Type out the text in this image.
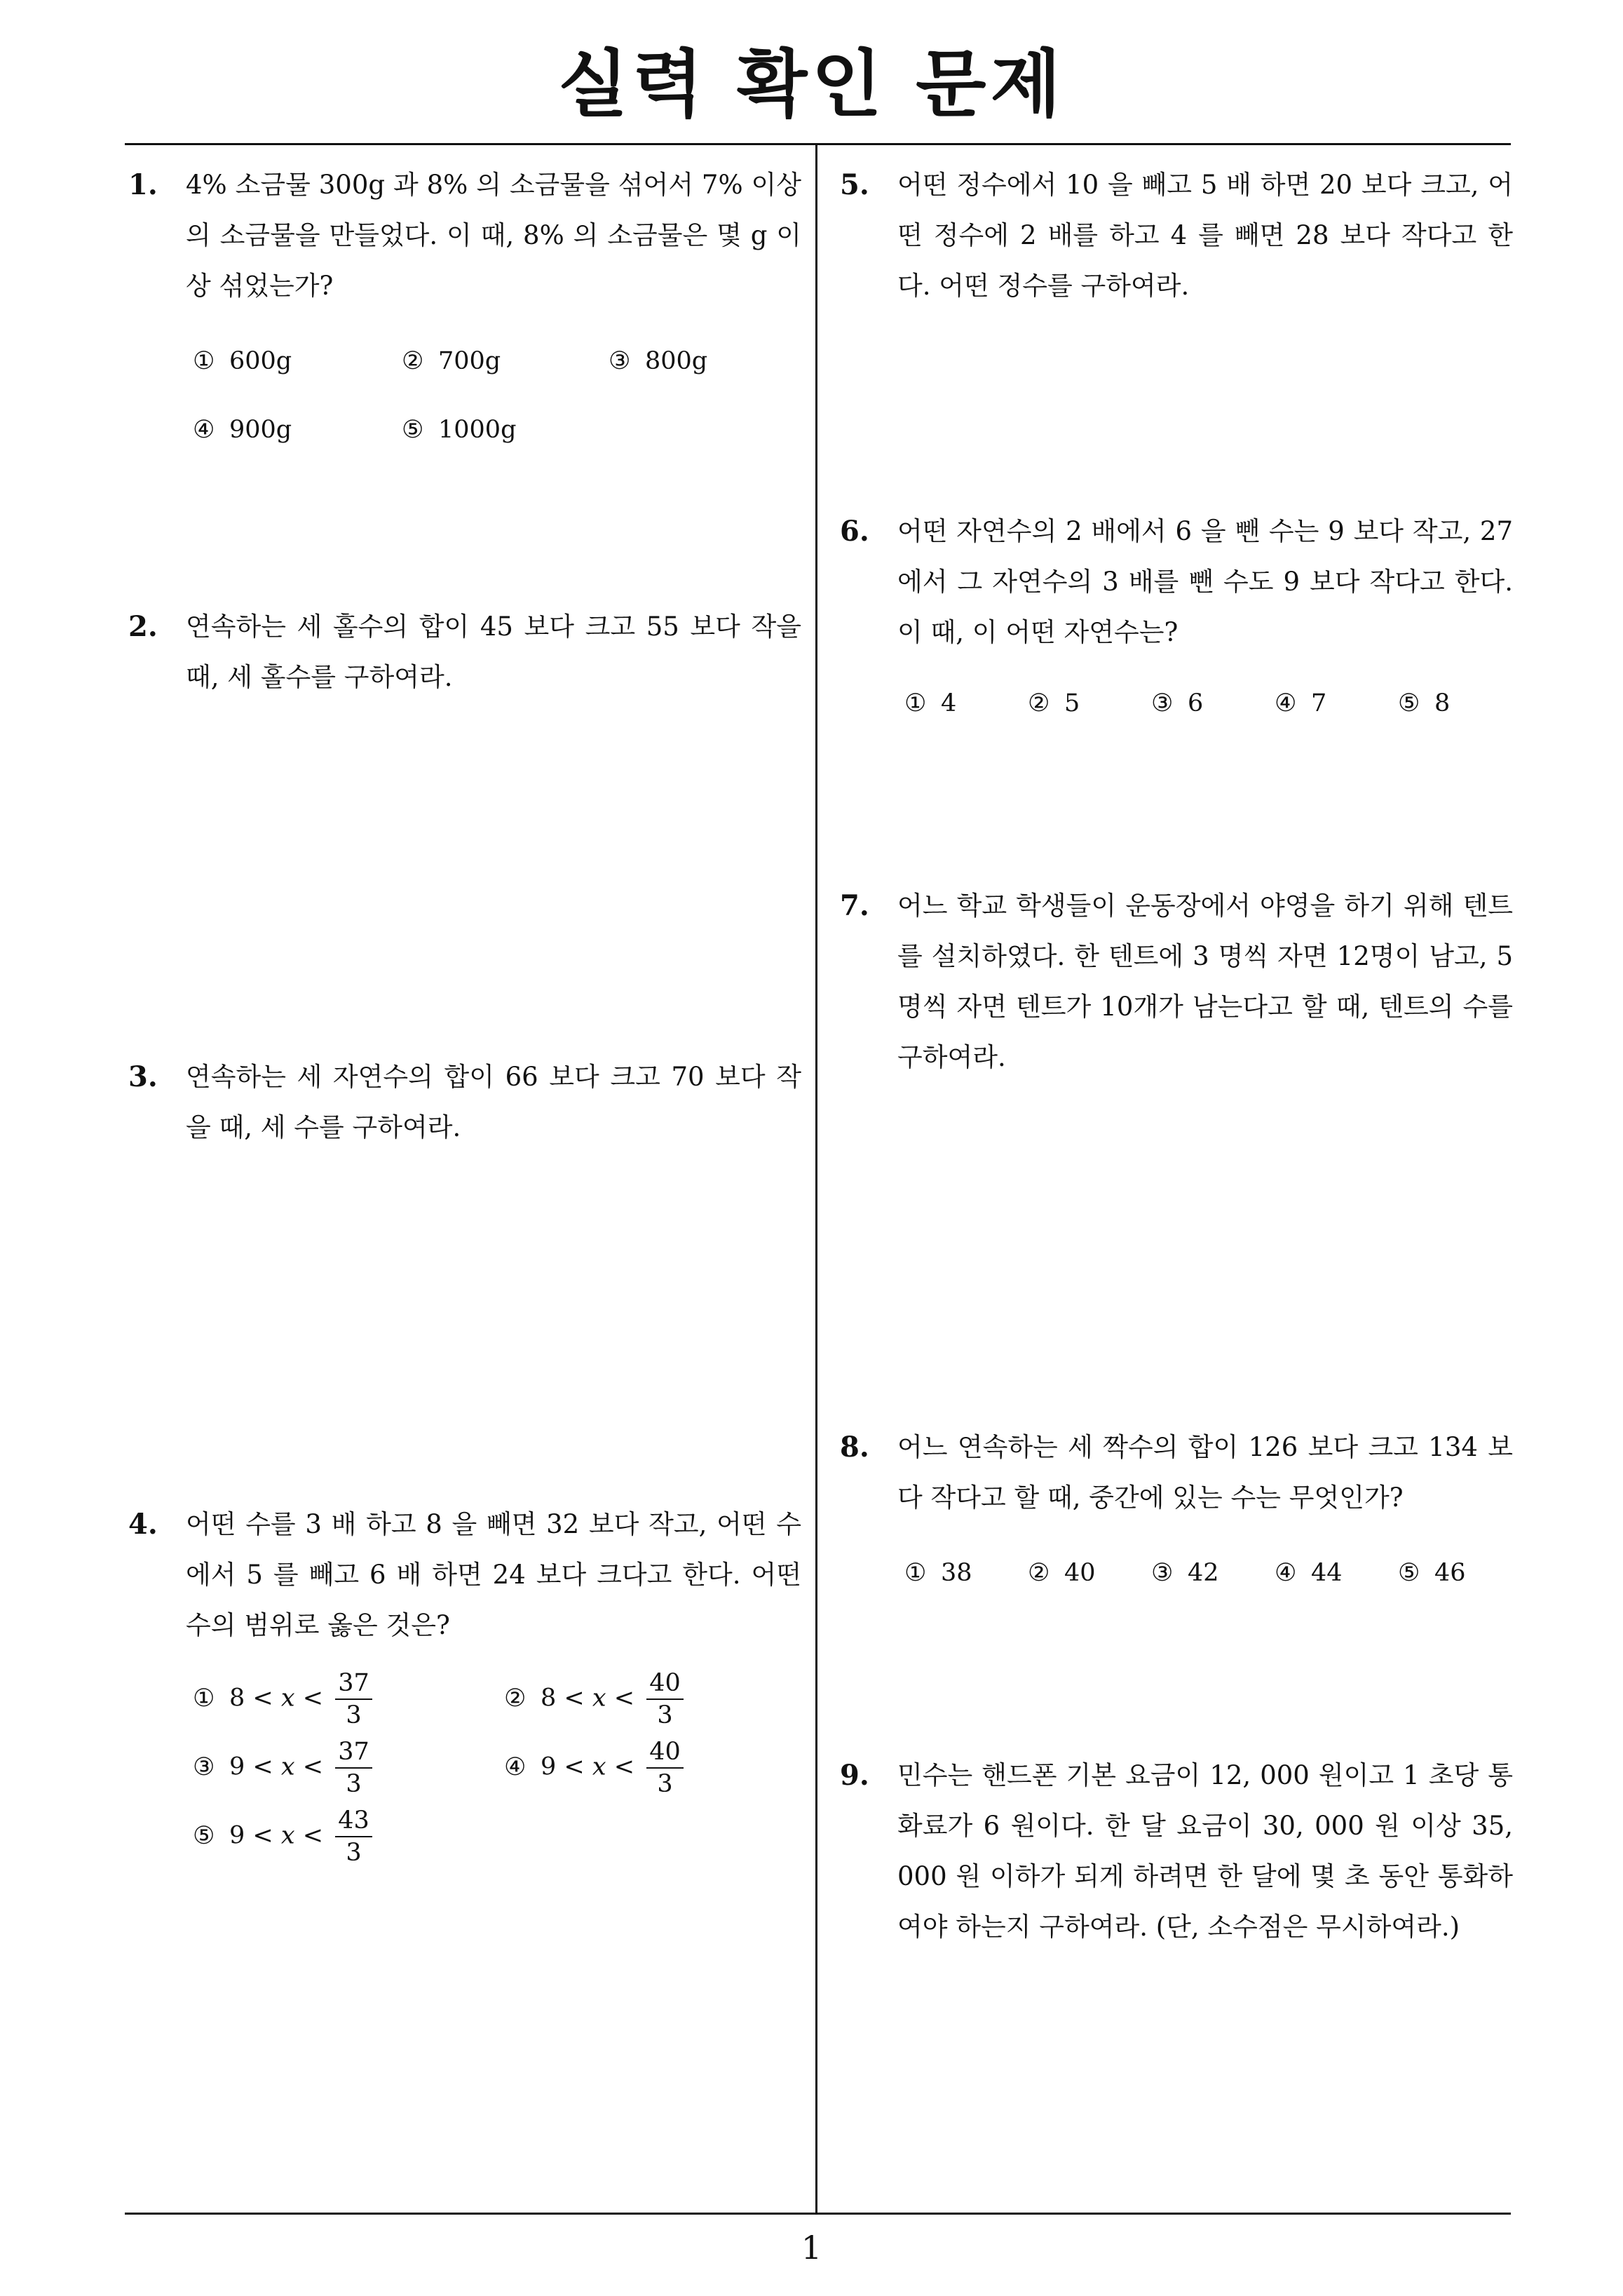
실력 확인 문제
1
1. 4% 소금물 300g 과 8% 의 소금물을 섞어서 7% 이상의 소금물을 만들었다. 이 때, 8% 의 소금물은 몇 g 이상 섞었는가?

① 600g	② 700g	③ 800g
④ 900g	⑤ 1000g
2. 연속하는 세 홀수의 합이 45 보다 크고 55 보다 작을 때, 세 홀수를 구하여라.

3. 연속하는 세 자연수의 합이 66 보다 크고 70 보다 작을 때, 세 수를 구하여라.

4. 어떤 수를 3 배 하고 8 을 빼면 32 보다 작고, 어떤 수에서 5 를 빼고 6 배 하면 24 보다 크다고 한다. 어떤 수의 범위로 옳은 것은?

① $8 < x < \frac{37}{3}$	② $8 < x < \frac{40}{3}$
③ $9 < x < \frac{37}{3}$	④ $9 < x < \frac{40}{3}$
⑤ $9 < x < \frac{43}{3}$
5. 어떤 정수에서 10 을 빼고 5 배 하면 20 보다 크고, 어떤 정수에 2 배를 하고 4 를 빼면 28 보다 작다고 한다. 어떤 정수를 구하여라.

6. 어떤 자연수의 2 배에서 6 을 뺀 수는 9 보다 작고, 27 에서 그 자연수의 3 배를 뺀 수도 9 보다 작다고 한다. 이 때, 이 어떤 자연수는?

① 4	② 5	③ 6	④ 7	⑤ 8
7. 어느 학교 학생들이 운동장에서 야영을 하기 위해 텐트를 설치하였다. 한 텐트에 3 명씩 자면 12명이 남고, 5 명씩 자면 텐트가 10개가 남는다고 할 때, 텐트의 수를 구하여라.

8. 어느 연속하는 세 짝수의 합이 126 보다 크고 134 보다 작다고 할 때, 중간에 있는 수는 무엇인가?

① 38 ② 40 ③ 42 ④ 44 ⑤ 46
9. 민수는 핸드폰 기본 요금이 12, 000 원이고 1 초당 통화료가 6 원이다. 한 달 요금이 30, 000 원 이상 35, 000 원 이하가 되게 하려면 한 달에 몇 초 동안 통화하여야 하는지 구하여라. (단, 소수점은 무시하여라.)
